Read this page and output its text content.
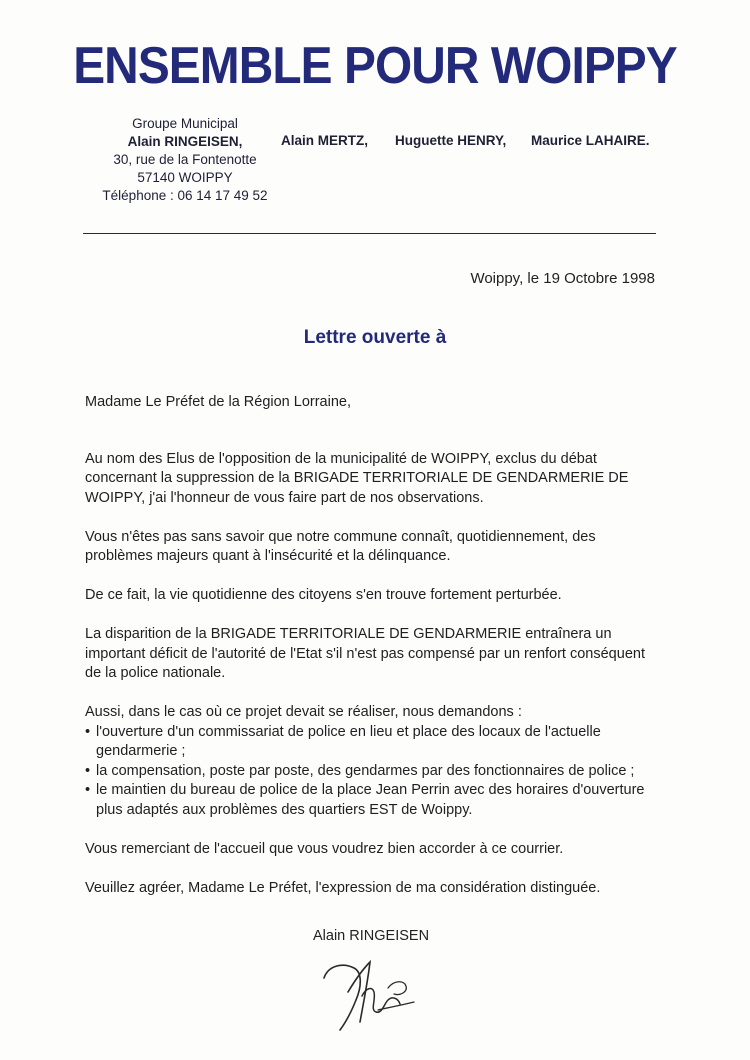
ENSEMBLE POUR WOIPPY
Groupe Municipal
Alain RINGEISEN,
30, rue de la Fontenotte
57140 WOIPPY
Téléphone : 06 14 17 49 52
Alain MERTZ, Huguette HENRY, Maurice LAHAIRE.
Woippy, le 19 Octobre 1998
Lettre ouverte à

Madame Le Préfet de la Région Lorraine,

Au nom des Elus de l'opposition de la municipalité de WOIPPY, exclus du débat concernant la suppression de la BRIGADE TERRITORIALE DE GENDARMERIE DE WOIPPY, j'ai l'honneur de vous faire part de nos observations.

Vous n'êtes pas sans savoir que notre commune connaît, quotidiennement, des problèmes majeurs quant à l'insécurité et la délinquance.

De ce fait, la vie quotidienne des citoyens s'en trouve fortement perturbée.

La disparition de la BRIGADE TERRITORIALE DE GENDARMERIE entraînera un important déficit de l'autorité de l'Etat s'il n'est pas compensé par un renfort conséquent de la police nationale.

Aussi, dans le cas où ce projet devait se réaliser, nous demandons :

• l'ouverture d'un commissariat de police en lieu et place des locaux de l'actuelle gendarmerie ;
• la compensation, poste par poste, des gendarmes par des fonctionnaires de police ;
• le maintien du bureau de police de la place Jean Perrin avec des horaires d'ouverture plus adaptés aux problèmes des quartiers EST de Woippy.

Vous remerciant de l'accueil que vous voudrez bien accorder à ce courrier.

Veuillez agréer, Madame Le Préfet, l'expression de ma considération distinguée.

Alain RINGEISEN
